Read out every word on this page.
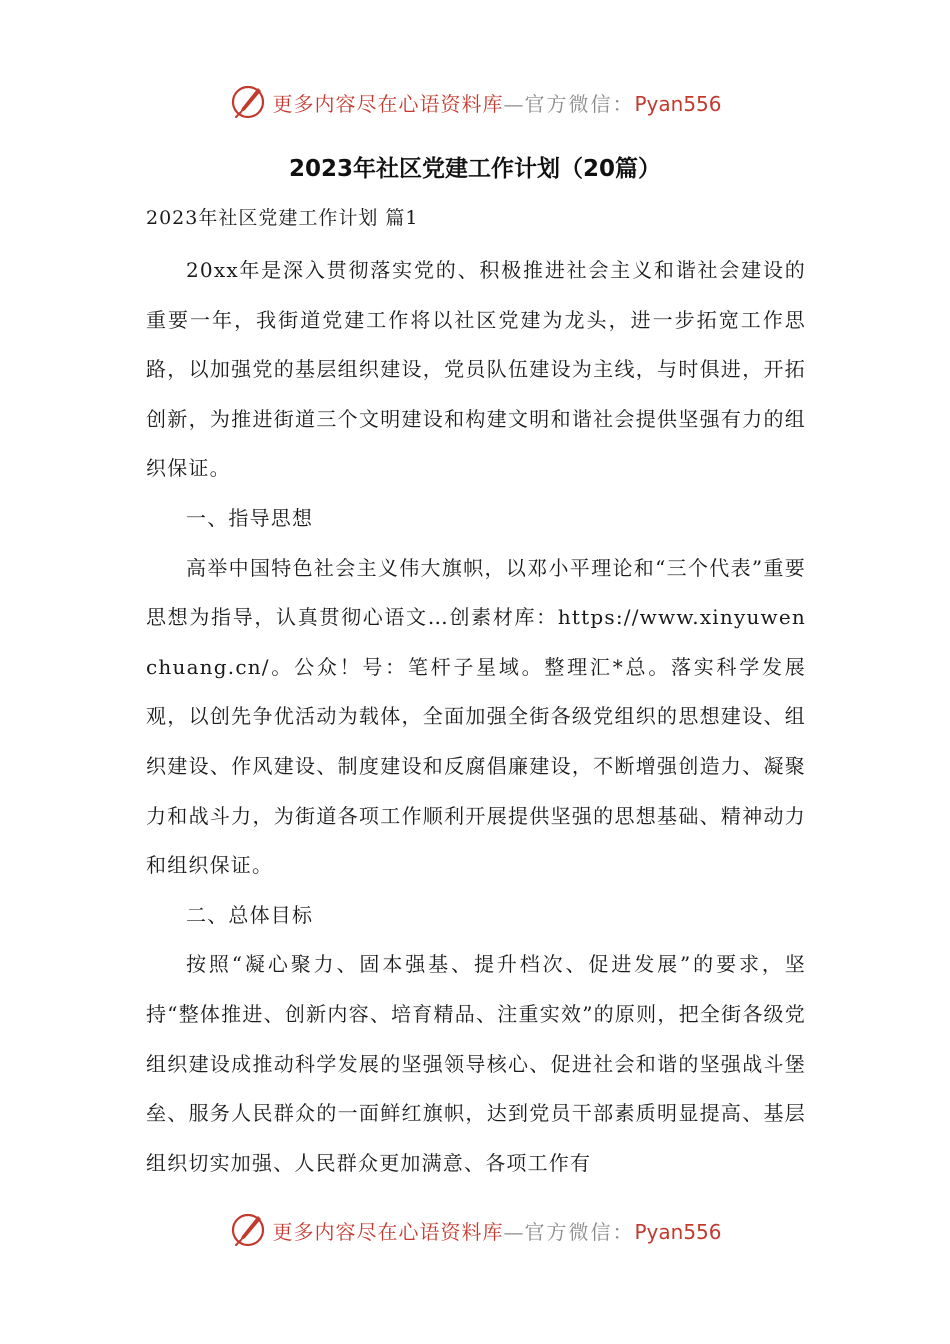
更多内容尽在心语资料库—官方微信：Pyan556
2023年社区党建工作计划（20篇）
2023年社区党建工作计划 篇1

20xx年是深入贯彻落实党的、积极推进社会主义和谐社会建设的重要一年，我街道党建工作将以社区党建为龙头，进一步拓宽工作思路，以加强党的基层组织建设，党员队伍建设为主线，与时俱进，开拓创新，为推进街道三个文明建设和构建文明和谐社会提供坚强有力的组织保证。

一、指导思想

高举中国特色社会主义伟大旗帜，以邓小平理论和“三个代表”重要思想为指导，认真贯彻心语文…创素材库：https://www.xinyuwenchuang.cn/。公众！号：笔杆子星域。整理汇*总。落实科学发展观，以创先争优活动为载体，全面加强全街各级党组织的思想建设、组织建设、作风建设、制度建设和反腐倡廉建设，不断增强创造力、凝聚力和战斗力，为街道各项工作顺利开展提供坚强的思想基础、精神动力和组织保证。

二、总体目标

按照“凝心聚力、固本强基、提升档次、促进发展”的要求，坚持“整体推进、创新内容、培育精品、注重实效”的原则，把全街各级党组织建设成推动科学发展的坚强领导核心、促进社会和谐的坚强战斗堡垒、服务人民群众的一面鲜红旗帜，达到党员干部素质明显提高、基层组织切实加强、人民群众更加满意、各项工作有

更多内容尽在心语资料库—官方微信：Pyan556
